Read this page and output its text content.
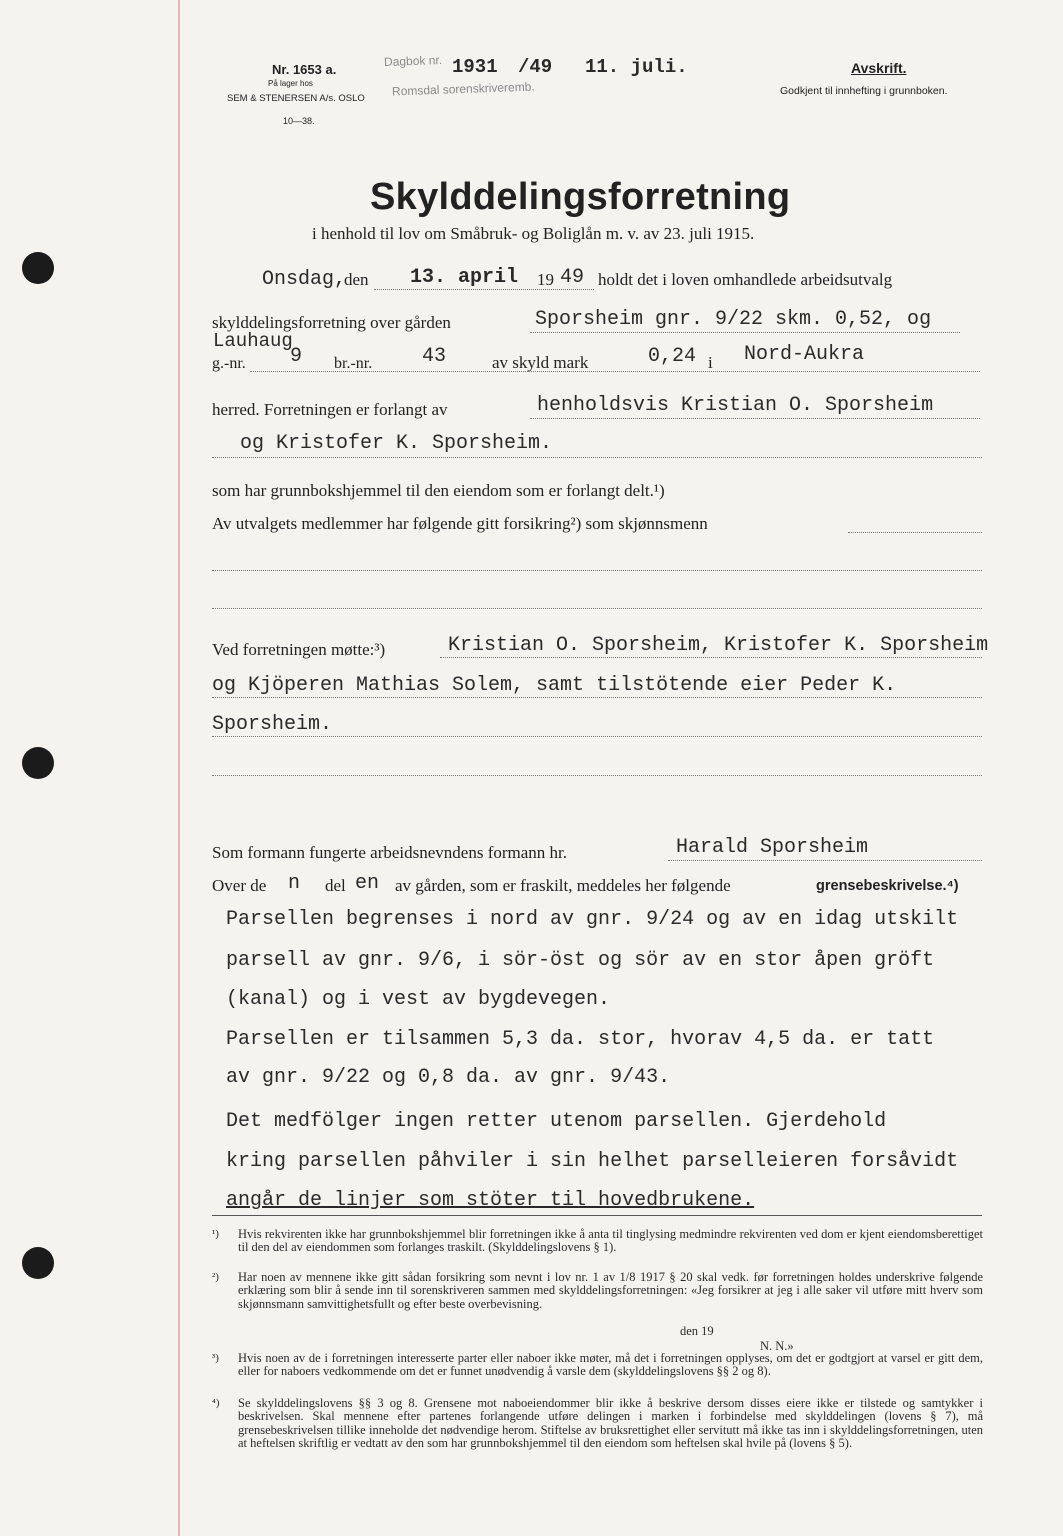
Nr. 1653 a.
På lager hos
SEM & STENERSEN A/s. OSLO
10—38.
Dagbok nr.
Romsdal sorenskriveremb.
1931 /49 11. juli.	Avskrift.
Godkjent til innhefting i grunnboken.
Skylddelingsforretning
i henhold til lov om Småbruk- og Boliglån m. v. av 23. juli 1915.
Onsdag,
den 13. april 19 49 holdt det i loven omhandlede arbeidsutvalg
skylddelingsforretning over gården	Sporsheim gnr. 9/22 skm. 0,52, og
Lauhaug
g.-nr. 9 br.-nr. 43	av skyld mark	0,24 i Nord-Aukra
herred. Forretningen er forlangt av	henholdsvis Kristian O. Sporsheim
og Kristofer K. Sporsheim.
som har grunnbokshjemmel til den eiendom som er forlangt delt.¹)
Av utvalgets medlemmer har følgende gitt forsikring²) som skjønnsmenn
Ved forretningen møtte:³)	Kristian O. Sporsheim, Kristofer K. Sporsheim
og Kjöperen Mathias Solem, samt tilstötende eier Peder K.
Sporsheim.
Som formann fungerte arbeidsnevndens formann hr.	Harald Sporsheim
Over de n del en av gården, som er fraskilt, meddeles her følgende	grensebeskrivelse.⁴)
Parsellen begrenses i nord av gnr. 9/24 og av en idag utskilt
parsell av gnr. 9/6, i sör-öst og sör av en stor åpen gröft
(kanal) og i vest av bygdevegen.
Parsellen er tilsammen 5,3 da. stor, hvorav 4,5 da. er tatt
av gnr. 9/22 og 0,8 da. av gnr. 9/43.
Det medfölger ingen retter utenom parsellen. Gjerdehold
kring parsellen påhviler i sin helhet parselleieren forsåvidt
angår de linjer som stöter til hovedbrukene.
¹) Hvis rekvirenten ikke har grunnbokshjemmel blir forretningen ikke å anta til tinglysing medmindre rekvirenten ved dom er kjent eiendomsberettiget til den del av eiendommen som forlanges traskilt. (Skylddelingslovens § 1).
²) Har noen av mennene ikke gitt sådan forsikring som nevnt i lov nr. 1 av 1/8 1917 § 20 skal vedk. før forretningen holdes underskrive følgende erklæring som blir å sende inn til sorenskriveren sammen med skylddelingsforretningen: «Jeg forsikrer at jeg i alle saker vil utføre mitt hverv som skjønnsmann samvittighetsfullt og efter beste overbevisning.
den 19
N. N.»
³) Hvis noen av de i forretningen interesserte parter eller naboer ikke møter, må det i forretningen opplyses, om det er godtgjort at varsel er gitt dem, eller for naboers vedkommende om det er funnet unødvendig å varsle dem (skylddelingslovens §§ 2 og 8).
⁴) Se skylddelingslovens §§ 3 og 8. Grensene mot naboeiendommer blir ikke å beskrive dersom disses eiere ikke er tilstede og samtykker i beskrivelsen. Skal mennene efter partenes forlangende utføre delingen i marken i forbindelse med skylddelingen (lovens § 7), må grensebeskrivelsen tillike inneholde det nødvendige herom. Stiftelse av bruksrettighet eller servitutt må ikke tas inn i skylddelingsforretningen, uten at heftelsen skriftlig er vedtatt av den som har grunnbokshjemmel til den eiendom som heftelsen skal hvile på (lovens § 5).
